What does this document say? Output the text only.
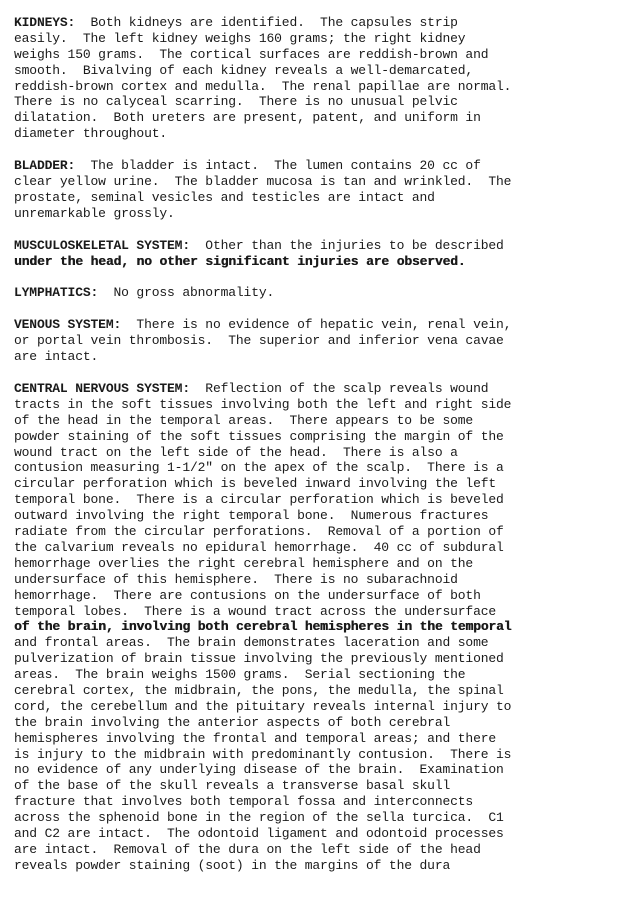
KIDNEYS:  Both kidneys are identified.  The capsules strip
easily.  The left kidney weighs 160 grams; the right kidney
weighs 150 grams.  The cortical surfaces are reddish-brown and
smooth.  Bivalving of each kidney reveals a well-demarcated,
reddish-brown cortex and medulla.  The renal papillae are normal.
There is no calyceal scarring.  There is no unusual pelvic
dilatation.  Both ureters are present, patent, and uniform in
diameter throughout.
BLADDER:  The bladder is intact.  The lumen contains 20 cc of
clear yellow urine.  The bladder mucosa is tan and wrinkled.  The
prostate, seminal vesicles and testicles are intact and
unremarkable grossly.
MUSCULOSKELETAL SYSTEM:  Other than the injuries to be described
under the head, no other significant injuries are observed.
LYMPHATICS:  No gross abnormality.
VENOUS SYSTEM:  There is no evidence of hepatic vein, renal vein,
or portal vein thrombosis.  The superior and inferior vena cavae
are intact.
CENTRAL NERVOUS SYSTEM:  Reflection of the scalp reveals wound
tracts in the soft tissues involving both the left and right side
of the head in the temporal areas.  There appears to be some
powder staining of the soft tissues comprising the margin of the
wound tract on the left side of the head.  There is also a
contusion measuring 1-1/2" on the apex of the scalp.  There is a
circular perforation which is beveled inward involving the left
temporal bone.  There is a circular perforation which is beveled
outward involving the right temporal bone.  Numerous fractures
radiate from the circular perforations.  Removal of a portion of
the calvarium reveals no epidural hemorrhage.  40 cc of subdural
hemorrhage overlies the right cerebral hemisphere and on the
undersurface of this hemisphere.  There is no subarachnoid
hemorrhage.  There are contusions on the undersurface of both
temporal lobes.  There is a wound tract across the undersurface
of the brain, involving both cerebral hemispheres in the temporal
and frontal areas.  The brain demonstrates laceration and some
pulverization of brain tissue involving the previously mentioned
areas.  The brain weighs 1500 grams.  Serial sectioning the
cerebral cortex, the midbrain, the pons, the medulla, the spinal
cord, the cerebellum and the pituitary reveals internal injury to
the brain involving the anterior aspects of both cerebral
hemispheres involving the frontal and temporal areas; and there
is injury to the midbrain with predominantly contusion.  There is
no evidence of any underlying disease of the brain.  Examination
of the base of the skull reveals a transverse basal skull
fracture that involves both temporal fossa and interconnects
across the sphenoid bone in the region of the sella turcica.  C1
and C2 are intact.  The odontoid ligament and odontoid processes
are intact.  Removal of the dura on the left side of the head
reveals powder staining (soot) in the margins of the dura
